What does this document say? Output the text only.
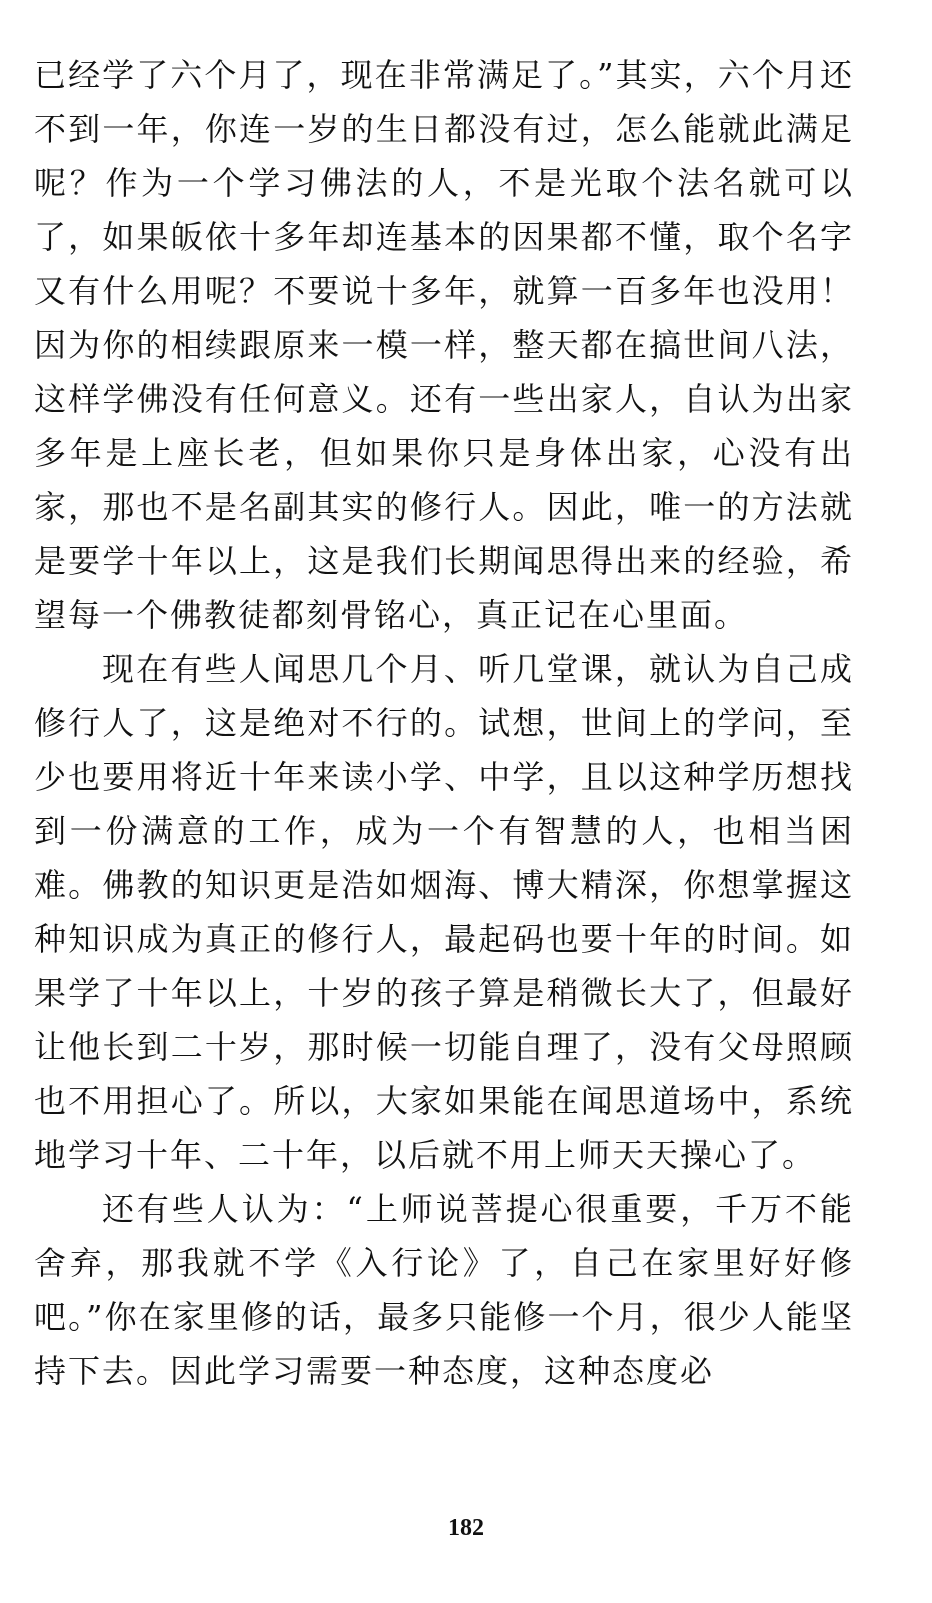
已经学了六个月了，现在非常满足了。”其实，六个月还不到一年，你连一岁的生日都没有过，怎么能就此满足呢？作为一个学习佛法的人，不是光取个法名就可以了，如果皈依十多年却连基本的因果都不懂，取个名字又有什么用呢？不要说十多年，就算一百多年也没用！因为你的相续跟原来一模一样，整天都在搞世间八法，这样学佛没有任何意义。还有一些出家人，自认为出家多年是上座长老，但如果你只是身体出家，心没有出家，那也不是名副其实的修行人。因此，唯一的方法就是要学十年以上，这是我们长期闻思得出来的经验，希望每一个佛教徒都刻骨铭心，真正记在心里面。

现在有些人闻思几个月、听几堂课，就认为自己成修行人了，这是绝对不行的。试想，世间上的学问，至少也要用将近十年来读小学、中学，且以这种学历想找到一份满意的工作，成为一个有智慧的人，也相当困难。佛教的知识更是浩如烟海、博大精深，你想掌握这种知识成为真正的修行人，最起码也要十年的时间。如果学了十年以上，十岁的孩子算是稍微长大了，但最好让他长到二十岁，那时候一切能自理了，没有父母照顾也不用担心了。所以，大家如果能在闻思道场中，系统地学习十年、二十年，以后就不用上师天天操心了。

还有些人认为：“上师说菩提心很重要，千万不能舍弃，那我就不学《入行论》了，自己在家里好好修吧。”你在家里修的话，最多只能修一个月，很少人能坚持下去。因此学习需要一种态度，这种态度必

182
